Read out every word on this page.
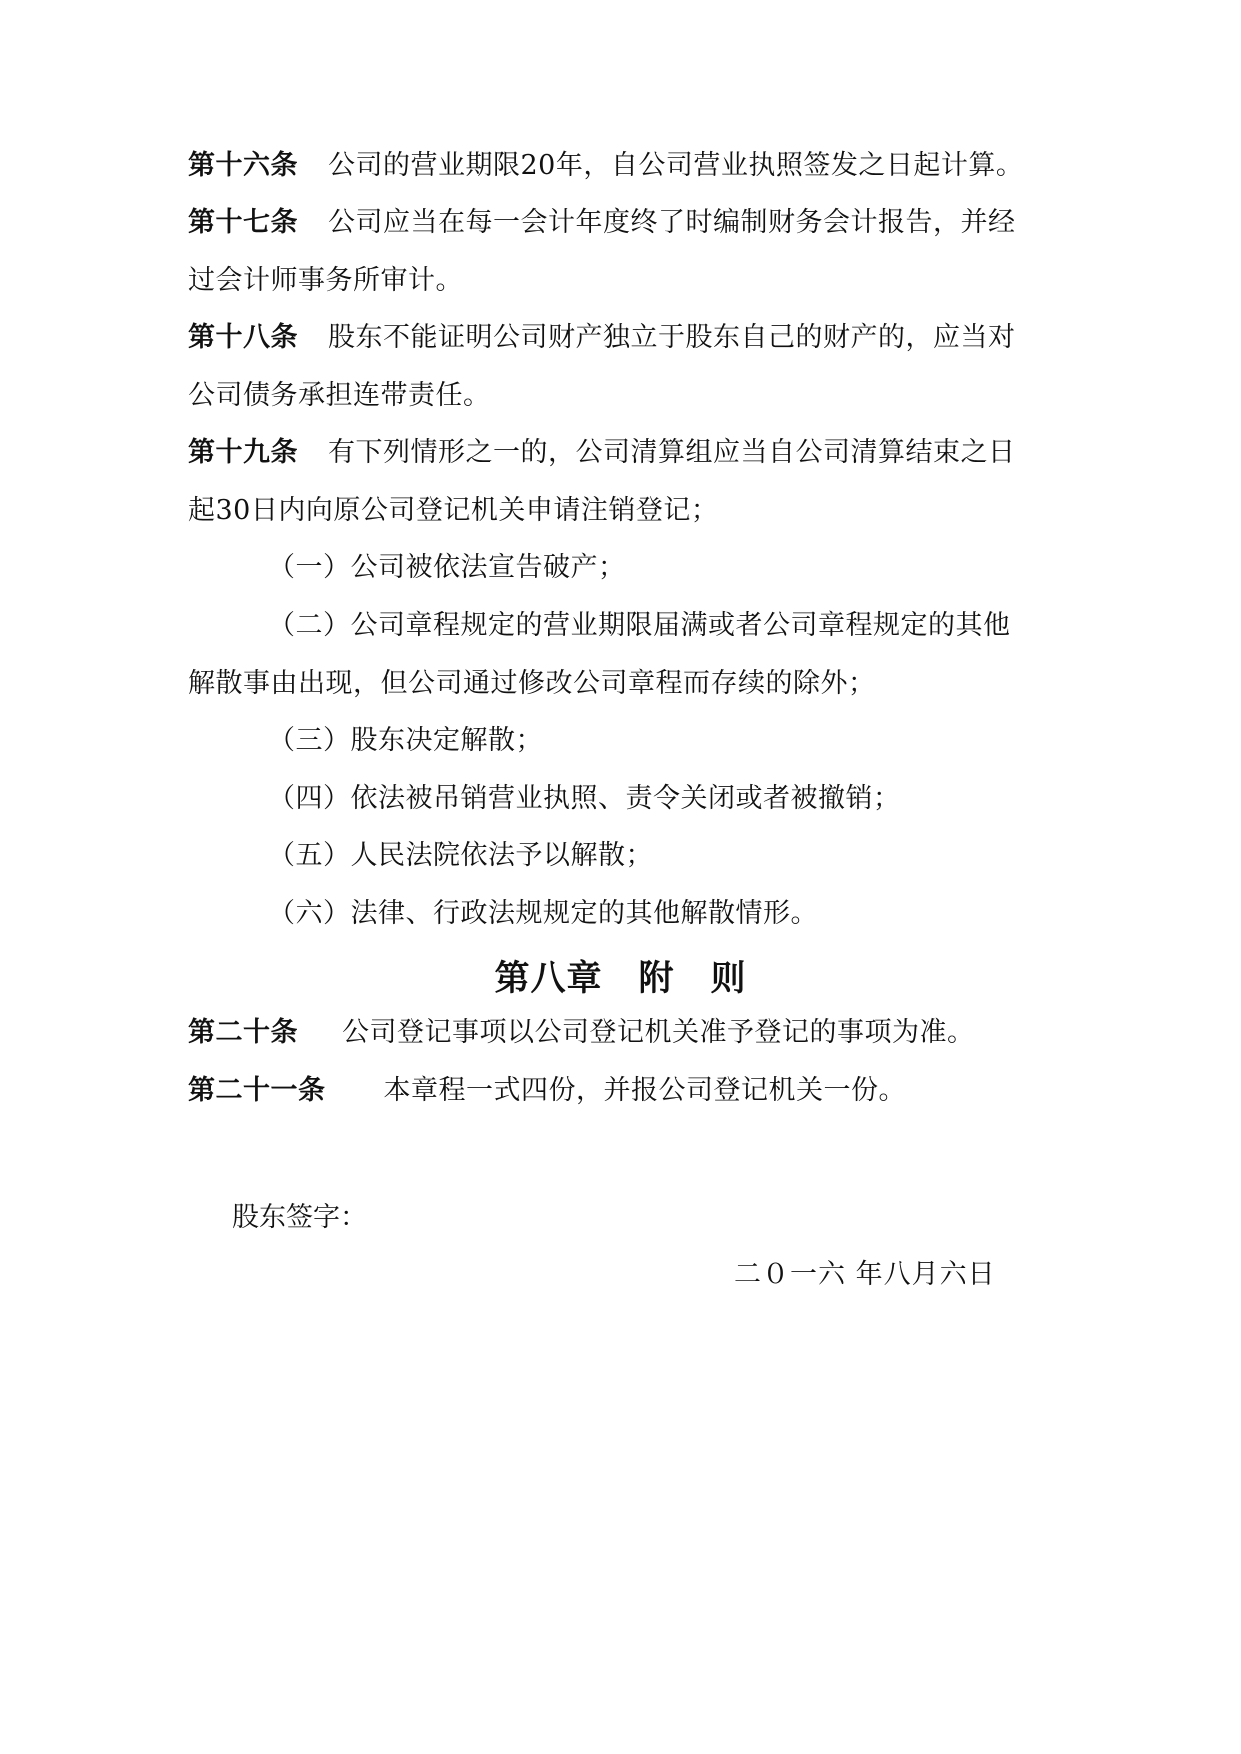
第十六条 公司的营业期限20年，自公司营业执照签发之日起计算。
第十七条 公司应当在每一会计年度终了时编制财务会计报告，并经
过会计师事务所审计。
第十八条 股东不能证明公司财产独立于股东自己的财产的，应当对
公司债务承担连带责任。
第十九条 有下列情形之一的，公司清算组应当自公司清算结束之日
起30日内向原公司登记机关申请注销登记；
（一）公司被依法宣告破产；
（二）公司章程规定的营业期限届满或者公司章程规定的其他
解散事由出现，但公司通过修改公司章程而存续的除外；
（三）股东决定解散；
（四）依法被吊销营业执照、责令关闭或者被撤销；
（五）人民法院依法予以解散；
（六）法律、行政法规规定的其他解散情形。
第八章　附　则
第二十条 公司登记事项以公司登记机关准予登记的事项为准。
第二十一条 本章程一式四份，并报公司登记机关一份。
股东签字：
二０一六 年八月六日
